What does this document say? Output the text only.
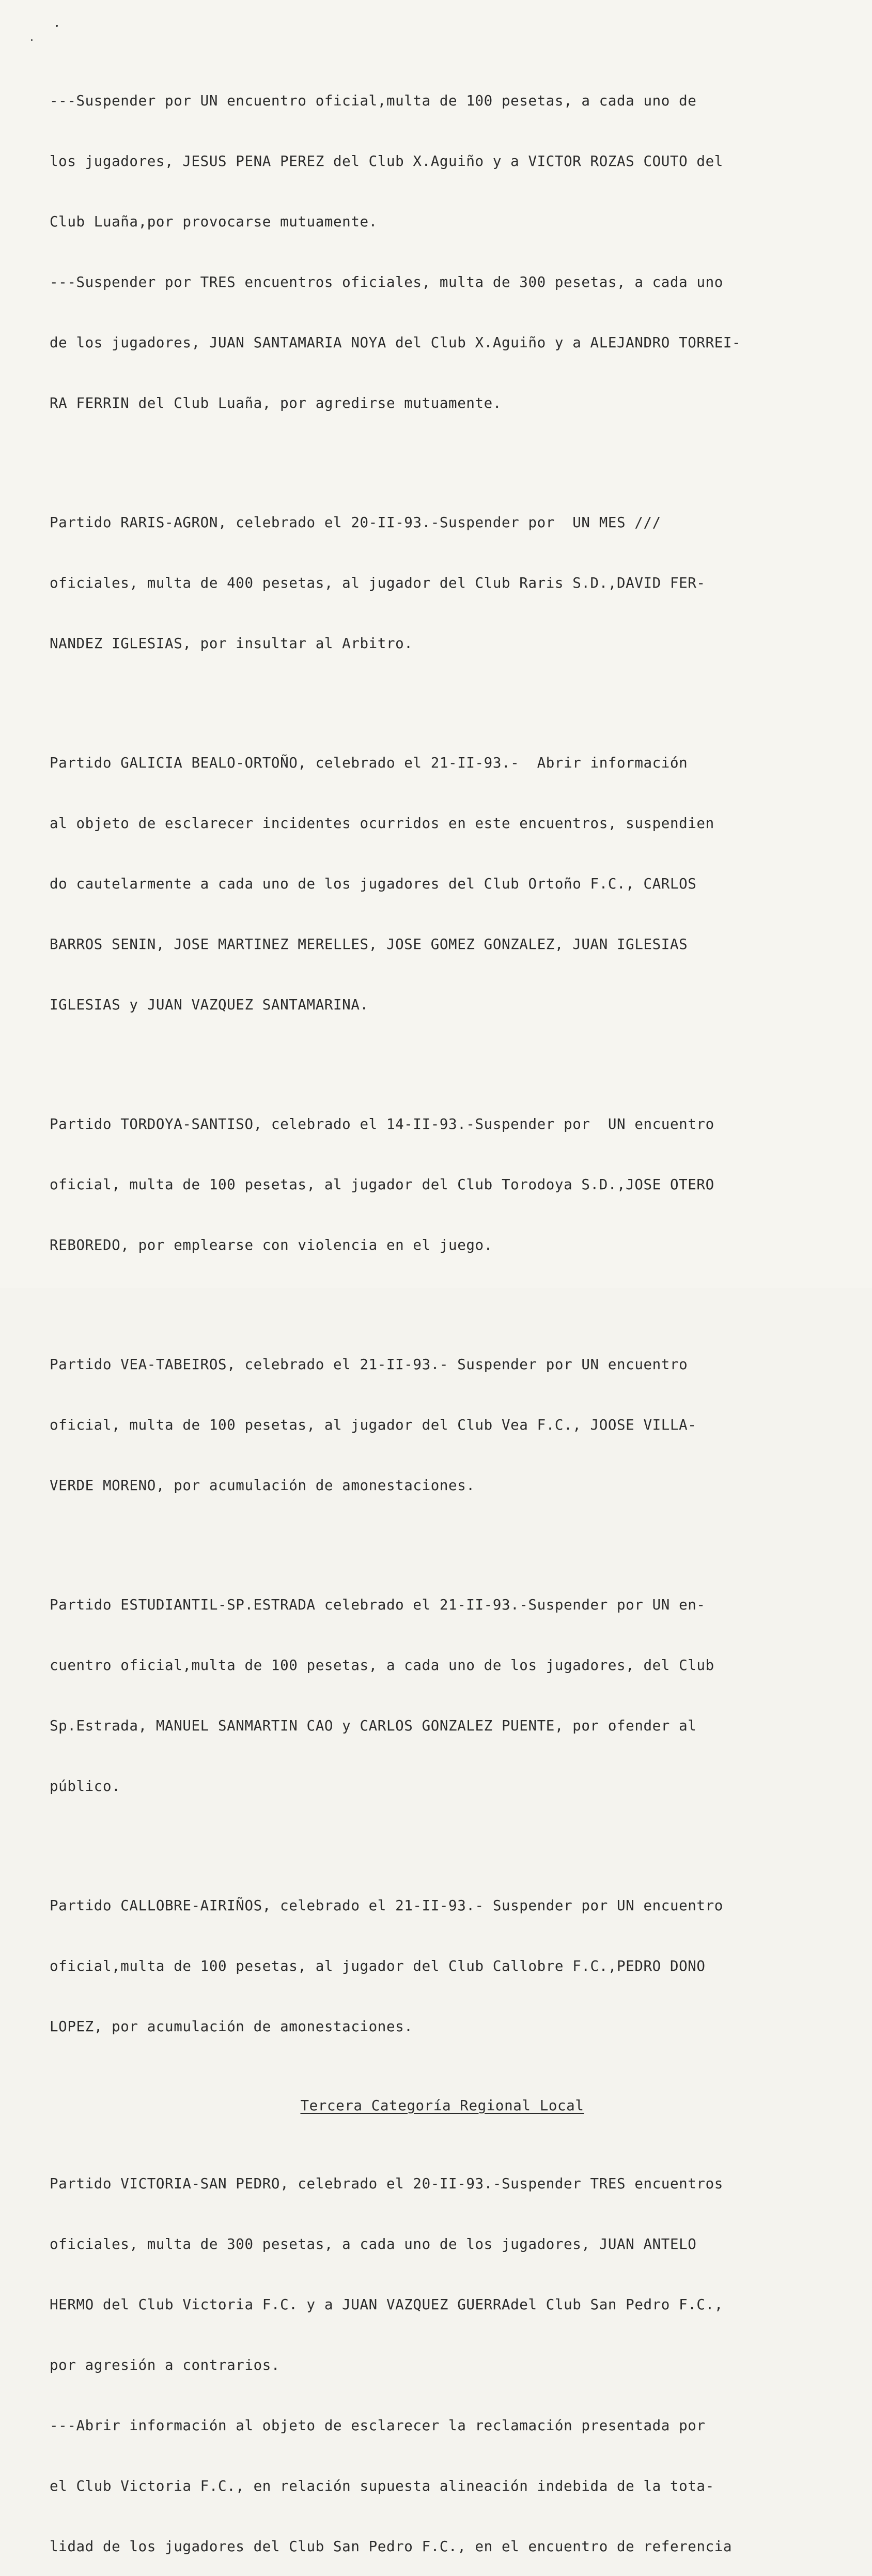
---Suspender por UN encuentro oficial,multa de 100 pesetas, a cada uno de

los jugadores, JESUS PENA PEREZ del Club X.Aguiño y a VICTOR ROZAS COUTO del

Club Luaña,por provocarse mutuamente.

---Suspender por TRES encuentros oficiales, multa de 300 pesetas, a cada uno

de los jugadores, JUAN SANTAMARIA NOYA del Club X.Aguiño y a ALEJANDRO TORREI-

RA FERRIN del Club Luaña, por agredirse mutuamente.

Partido RARIS-AGRON, celebrado el 20-II-93.-Suspender por  UN MES ///

oficiales, multa de 400 pesetas, al jugador del Club Raris S.D.,DAVID FER-

NANDEZ IGLESIAS, por insultar al Arbitro.

Partido GALICIA BEALO-ORTOÑO, celebrado el 21-II-93.-  Abrir información

al objeto de esclarecer incidentes ocurridos en este encuentros, suspendien

do cautelarmente a cada uno de los jugadores del Club Ortoño F.C., CARLOS

BARROS SENIN, JOSE MARTINEZ MERELLES, JOSE GOMEZ GONZALEZ, JUAN IGLESIAS

IGLESIAS y JUAN VAZQUEZ SANTAMARINA.

Partido TORDOYA-SANTISO, celebrado el 14-II-93.-Suspender por  UN encuentro

oficial, multa de 100 pesetas, al jugador del Club Torodoya S.D.,JOSE OTERO

REBOREDO, por emplearse con violencia en el juego.

Partido VEA-TABEIROS, celebrado el 21-II-93.- Suspender por UN encuentro

oficial, multa de 100 pesetas, al jugador del Club Vea F.C., JOOSE VILLA-

VERDE MORENO, por acumulación de amonestaciones.

Partido ESTUDIANTIL-SP.ESTRADA celebrado el 21-II-93.-Suspender por UN en-

cuentro oficial,multa de 100 pesetas, a cada uno de los jugadores, del Club

Sp.Estrada, MANUEL SANMARTIN CAO y CARLOS GONZALEZ PUENTE, por ofender al

público.

Partido CALLOBRE-AIRIÑOS, celebrado el 21-II-93.- Suspender por UN encuentro

oficial,multa de 100 pesetas, al jugador del Club Callobre F.C.,PEDRO DONO

LOPEZ, por acumulación de amonestaciones.

Tercera Categoría Regional Local

Partido VICTORIA-SAN PEDRO, celebrado el 20-II-93.-Suspender TRES encuentros

oficiales, multa de 300 pesetas, a cada uno de los jugadores, JUAN ANTELO

HERMO del Club Victoria F.C. y a JUAN VAZQUEZ GUERRAdel Club San Pedro F.C.,

por agresión a contrarios.

---Abrir información al objeto de esclarecer la reclamación presentada por

el Club Victoria F.C., en relación supuesta alineación indebida de la tota-

lidad de los jugadores del Club San Pedro F.C., en el encuentro de referencia
